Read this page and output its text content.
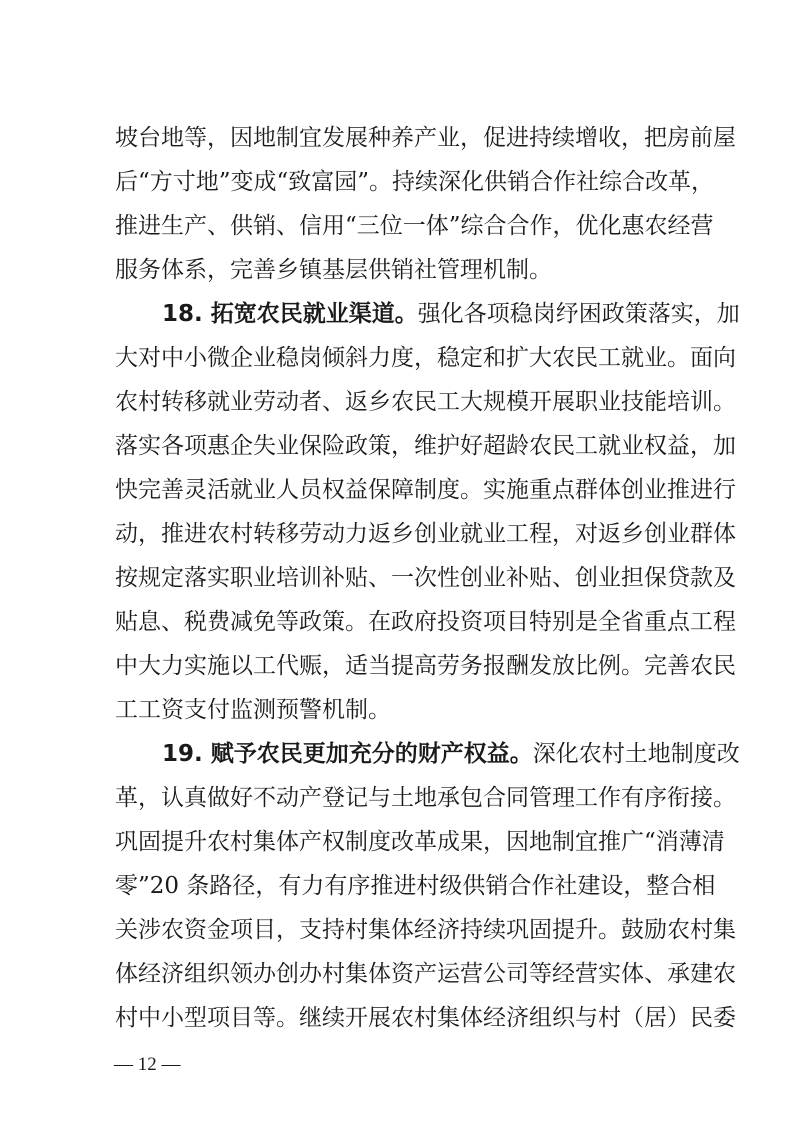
坡台地等，因地制宜发展种养产业，促进持续增收，把房前屋
后“方寸地”变成“致富园”。持续深化供销合作社综合改革，
推进生产、供销、信用“三位一体”综合合作，优化惠农经营
服务体系，完善乡镇基层供销社管理机制。
18. 拓宽农民就业渠道。强化各项稳岗纾困政策落实，加
大对中小微企业稳岗倾斜力度，稳定和扩大农民工就业。面向
农村转移就业劳动者、返乡农民工大规模开展职业技能培训。
落实各项惠企失业保险政策，维护好超龄农民工就业权益，加
快完善灵活就业人员权益保障制度。实施重点群体创业推进行
动，推进农村转移劳动力返乡创业就业工程，对返乡创业群体
按规定落实职业培训补贴、一次性创业补贴、创业担保贷款及
贴息、税费减免等政策。在政府投资项目特别是全省重点工程
中大力实施以工代赈，适当提高劳务报酬发放比例。完善农民
工工资支付监测预警机制。
19. 赋予农民更加充分的财产权益。深化农村土地制度改
革，认真做好不动产登记与土地承包合同管理工作有序衔接。
巩固提升农村集体产权制度改革成果，因地制宜推广“消薄清
零”20 条路径，有力有序推进村级供销合作社建设，整合相
关涉农资金项目，支持村集体经济持续巩固提升。鼓励农村集
体经济组织领办创办村集体资产运营公司等经营实体、承建农
村中小型项目等。继续开展农村集体经济组织与村（居）民委
— 12 —
